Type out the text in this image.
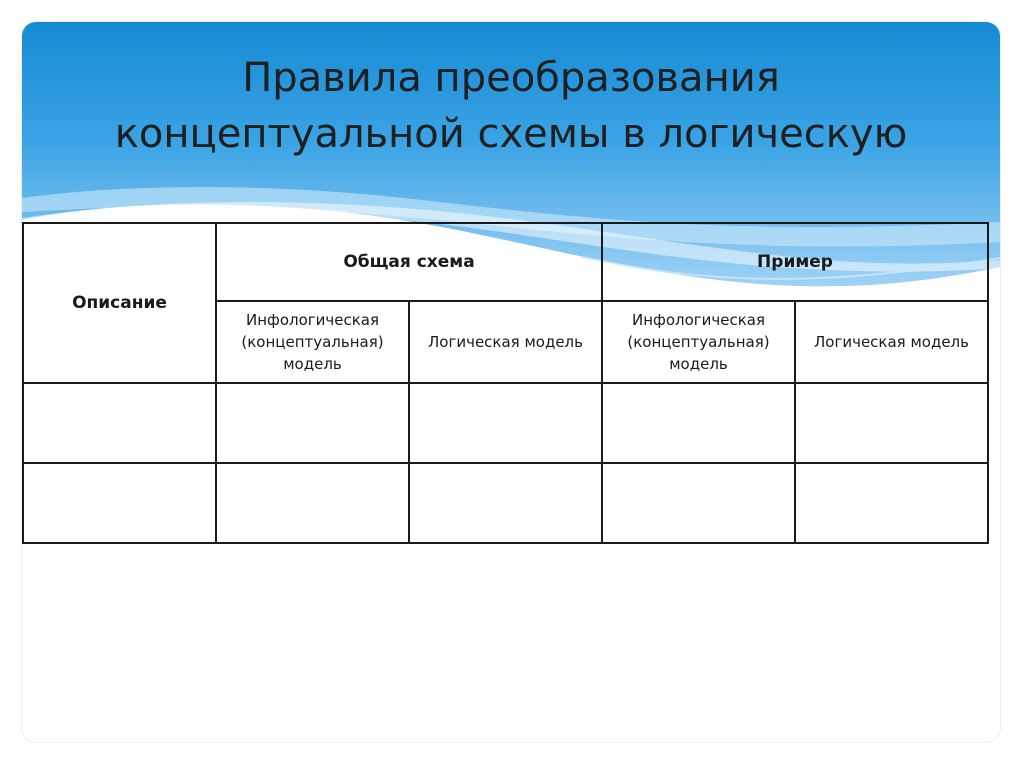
Правила преобразования
концептуальной схемы в логическую
Описание	Общая схема		Пример	
	Инфологическая (концептуальная) модель	Логическая модель	Инфологическая (концептуальная) модель	Логическая модель
